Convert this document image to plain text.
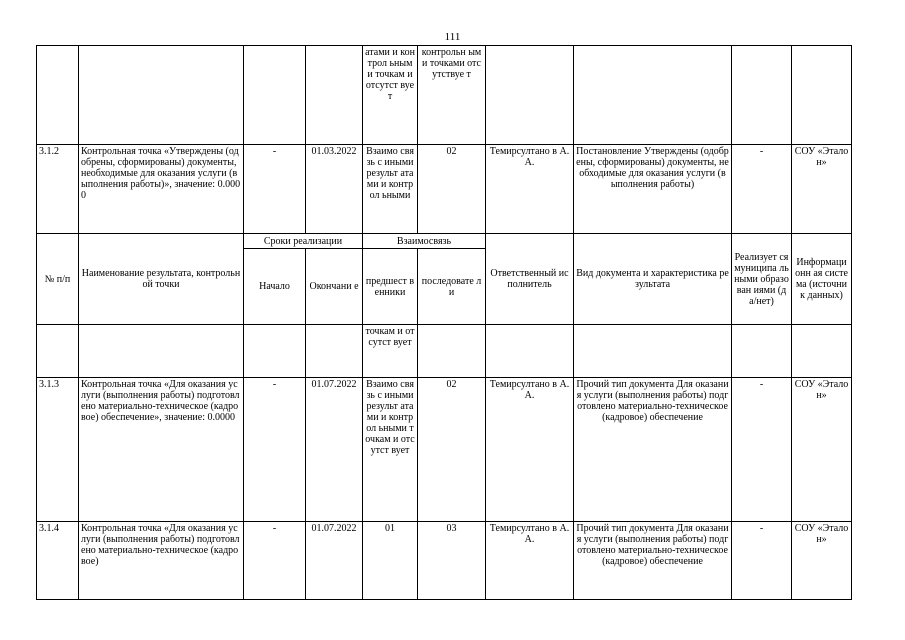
111
				атами и контрол ьными точкам и отсутст вует	контрольн ыми точками отсутствуе т				
3.1.2	Контрольная точка «Утверждены (одобрены, сформированы) документы, необходимые для оказания услуги (выполнения работы)», значение: 0.0000	-	01.03.2022	Взаимо связь с иными результ атами и контрол ьными	02	Темирсултано в А.А.	Постановление Утверждены (одобрены, сформированы) документы, необходимые для оказания услуги (выполнения работы)	-	СОУ «Эталон»
№ п/п	Наименование результата, контрольной точки	Сроки реализации		Взаимосвязь		Ответственный исполнитель	Вид документа и характеристика результата	Реализует ся муниципа льными образован иями (да/нет)	Информационн ая система (источник данных)
		Начало	Окончани е	предшест венники	последовате ли				
				точкам и отсутст вует					
3.1.3	Контрольная точка «Для оказания услуги (выполнения работы) подготовлено материально-техническое (кадровое) обеспечение», значение: 0.0000	-	01.07.2022	Взаимо связь с иными результ атами и контрол ьными точкам и отсутст вует	02	Темирсултано в А.А.	Прочий тип документа Для оказания услуги (выполнения работы) подготовлено материально-техническое (кадровое) обеспечение	-	СОУ «Эталон»
3.1.4	Контрольная точка «Для оказания услуги (выполнения работы) подготовлено материально-техническое (кадровое)	-	01.07.2022	01	03	Темирсултано в А.А.	Прочий тип документа Для оказания услуги (выполнения работы) подготовлено материально-техническое (кадровое) обеспечение	-	СОУ «Эталон»
